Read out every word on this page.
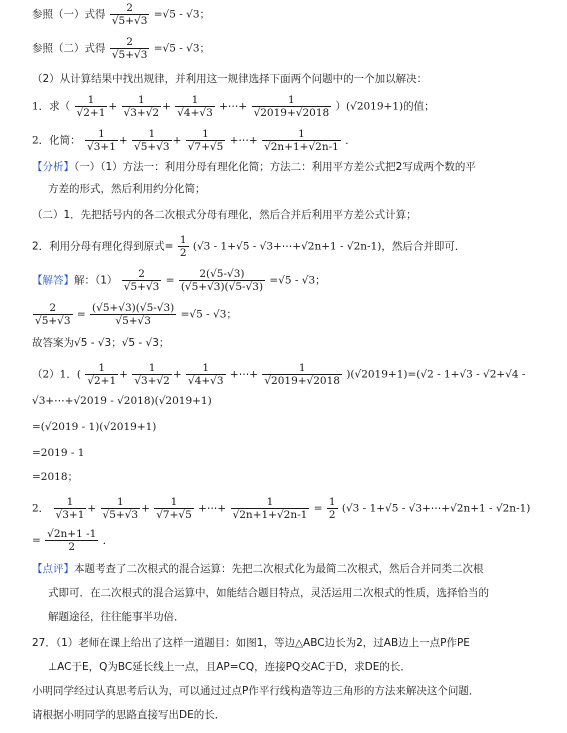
参照（一）式得 $\frac{2}{√5+√3} =√5 - √3$；
参照（二）式得 $\frac{2}{√5+√3} =√5 - √3$；
（2）从计算结果中找出规律，并利用这一规律选择下面两个问题中的一个加以解决：
1．求（ $\frac{1}{√2+1} + \frac{1}{√3+√2} + \frac{1}{√4+√3}$ +⋯+ $\frac{1}{√2019+√2018} )(√2019+1)$的值；
2．化简： $\frac{1}{√3+1} + \frac{1}{√5+√3} + \frac{1}{√7+√5}$ +⋯+ $\frac{1}{√2n+1+√2n-1}$ ．
【分析】（一）（1）方法一：利用分母有理化化简；方法二：利用平方差公式把2写成两个数的平
方差的形式，然后利用约分化简；
（二）1．先把括号内的各二次根式分母有理化，然后合并后利用平方差公式计算；
2．利用分母有理化得到原式= $\frac{1}{2} (√3 - 1+√5$ - √3+⋯+√2n+1 - √2n-1)，然后合并即可．
【解答】解：$(1) \frac{2}{√5+√3} = \frac{2(√5-√3)}{(√5+√3)(√5-√3)} =√5 - √3$；
$\frac{2}{√5+√3} = \frac{(√5+√3)(√5-√3)}{√5+√3} =√5 - √3$；
故答案为√5 - √3；√5 - √3；
（2）1．( $\frac{1}{√2+1} + \frac{1}{√3+√2} + \frac{1}{√4+√3}$ +⋯+ $\frac{1}{√2019+√2018} )(√2019+1)=(√2 - 1+√3 - √2+√4$ -
√3+⋯+√2019 - √2018)(√2019+1)
=(√2019 - 1)(√2019+1)
=2019 - 1
=2018；
2． $\frac{1}{√3+1} + \frac{1}{√5+√3} + \frac{1}{√7+√5}$ +⋯+ $\frac{1}{√2n+1+√2n-1} = \frac{1}{2} (√3 - 1+√5$ - √3+⋯+√2n+1 - √2n-1)
= $\frac{√2n+1 -1}{2}$ ．
【点评】本题考查了二次根式的混合运算：先把二次根式化为最简二次根式，然后合并同类二次根
式即可．在二次根式的混合运算中，如能结合题目特点，灵活运用二次根式的性质，选择恰当的
解题途径，往往能事半功倍．
27．（1）老师在课上给出了这样一道题目：如图1，等边△ABC边长为2，过AB边上一点P作PE
⊥AC于E，Q为BC延长线上一点，且AP=CQ，连接PQ交AC于D，求DE的长．
小明同学经过认真思考后认为，可以通过过点P作平行线构造等边三角形的方法来解决这个问题．
请根据小明同学的思路直接写出DE的长．
